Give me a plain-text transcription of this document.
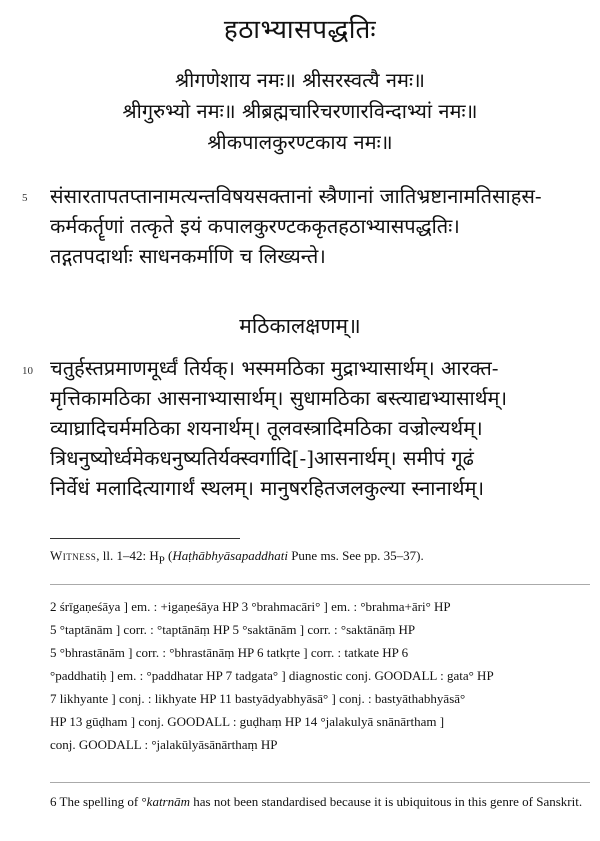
हठाभ्यासपद्धतिः
श्रीगणेशाय नमः॥ श्रीसरस्वत्यै नमः॥
श्रीगुरुभ्यो नमः॥ श्रीब्रह्मचारिचरणारविन्दाभ्यां नमः॥
श्रीकपालकुरण्टकाय नमः॥
5 संसारतापतप्तानामत्यन्तविषयसक्तानां स्त्रैणानां जातिभ्रष्टानामतिसाहस-
कर्मकर्तॄणां तत्कृते इयं कपालकुरण्टककृतहठाभ्यासपद्धतिः।
तद्गतपदार्थाः साधनकर्माणि च लिख्यन्ते।
मठिकालक्षणम्॥
10 चतुर्हस्तप्रमाणमूर्ध्वं तिर्यक्। भस्ममठिका मुद्राभ्यासार्थम्। आरक्त-
मृत्तिकामठिका आसनाभ्यासार्थम्। सुधामठिका बस्त्याद्यभ्यासार्थम्।
व्याघ्रादिचर्ममठिका शयनार्थम्। तूलवस्त्रादिमठिका वज्रोल्यर्थम्।
त्रिधनुष्योर्ध्वमेकधनुष्यतिर्यक्स्वर्गादि[-]आसनार्थम्। समीपं गूढं
निर्वेधं मलादित्यागार्थं स्थलम्। मानुषरहितजलकुल्या स्नानार्थम्।
Witness, ll. 1–42: $H_P$ (Haṭhābhyāsapaddhati Pune ms. See pp. 35–37).
2 śrīgaṇeśāya ] em. : +igaṇeśāya HP 3 °brahmacāri° ] em. : °brahma+āri° HP
5 °taptānām ] corr. : °taptānāṃ HP 5 °saktānām ] corr. : °saktānāṃ HP
5 °bhrastānām ] corr. : °bhrastānāṃ HP 6 tatkṛte ] corr. : tatkate HP 6
°paddhatiḥ ] em. : °paddhatar HP 7 tadgata° ] diagnostic conj. GOODALL : gata° HP
7 likhyante ] conj. : likhyate HP 11 bastyādyabhyāsā° ] conj. : bastyāthabhyāsā°
HP 13 gūḍham ] conj. GOODALL : guḍhaṃ HP 14 °jalakulyā snānārtham ]
conj. GOODALL : °jalakūlyāsānārthaṃ HP
6 The spelling of °katrnām has not been standardised because it is ubiquitous in this genre of Sanskrit.
